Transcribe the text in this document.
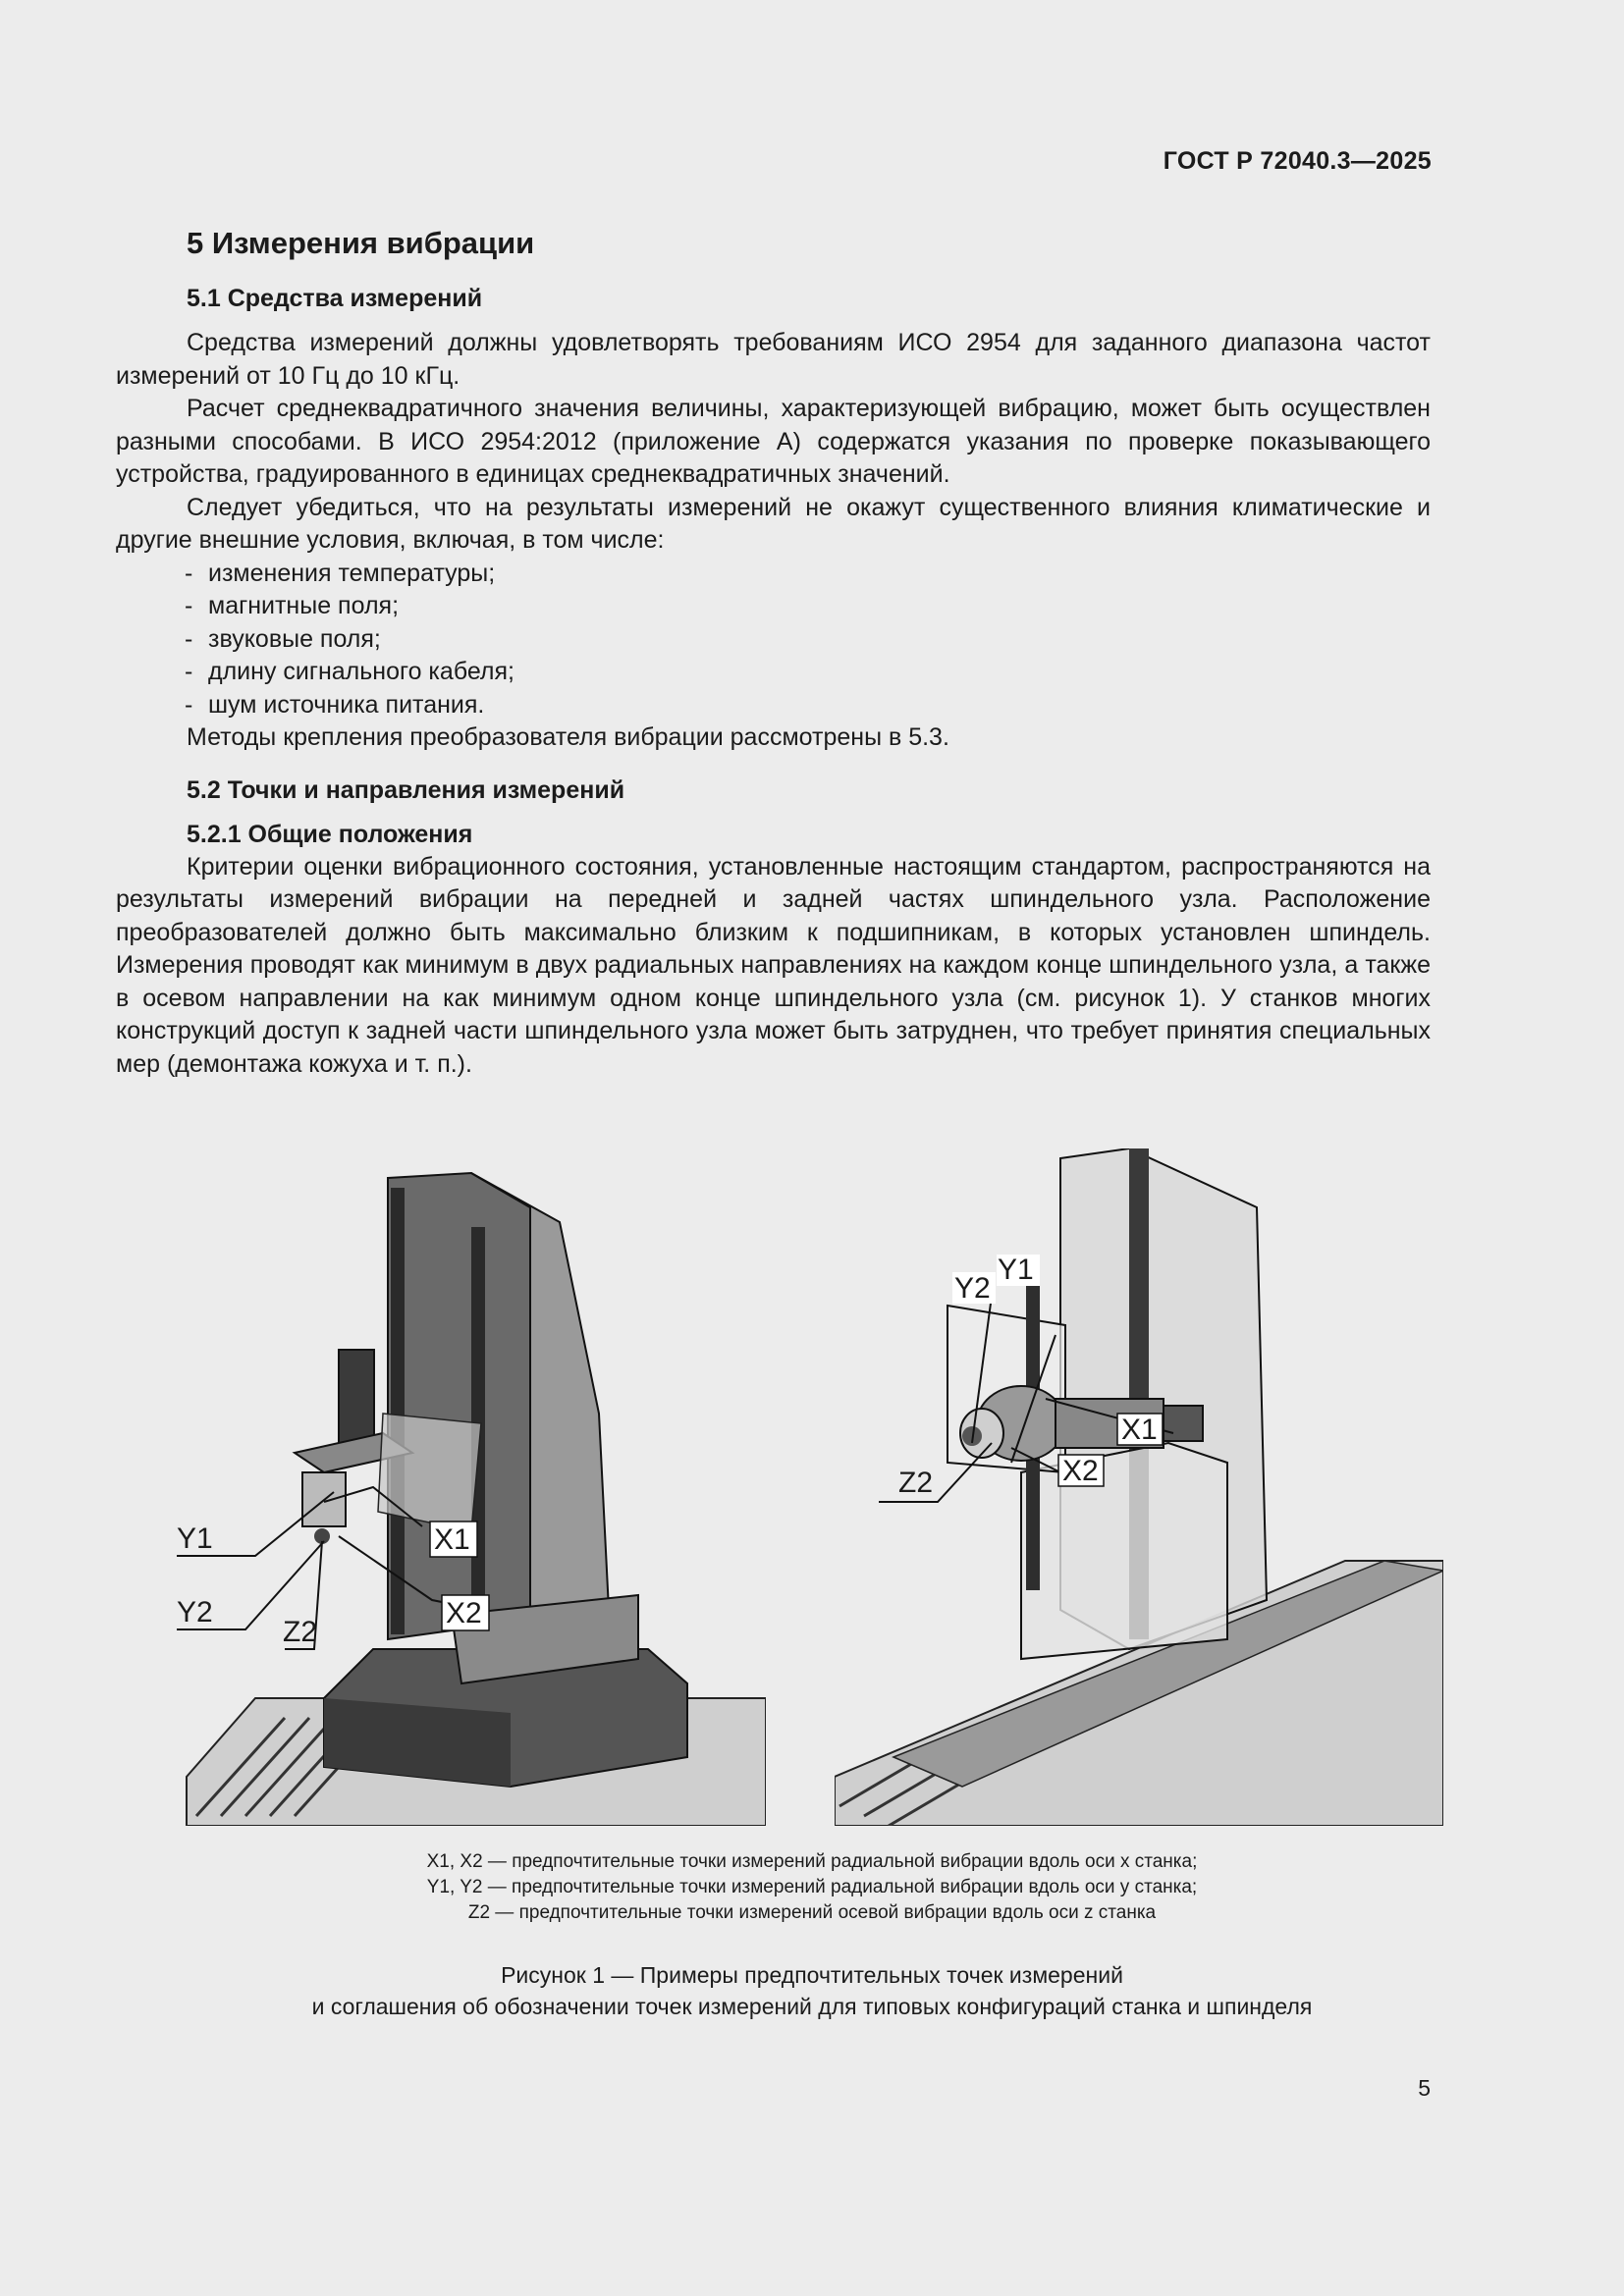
ГОСТ Р 72040.3—2025
5 Измерения вибрации
5.1 Средства измерений

Средства измерений должны удовлетворять требованиям ИСО 2954 для заданного диапазона частот измерений от 10 Гц до 10 кГц.

Расчет среднеквадратичного значения величины, характеризующей вибрацию, может быть осуществлен разными способами. В ИСО 2954:2012 (приложение А) содержатся указания по проверке показывающего устройства, градуированного в единицах среднеквадратичных значений.

Следует убедиться, что на результаты измерений не окажут существенного влияния климатические и другие внешние условия, включая, в том числе:

- изменения температуры;
- магнитные поля;
- звуковые поля;
- длину сигнального кабеля;
- шум источника питания.

Методы крепления преобразователя вибрации рассмотрены в 5.3.

5.2 Точки и направления измерений
5.2.1 Общие положения

Критерии оценки вибрационного состояния, установленные настоящим стандартом, распространяются на результаты измерений вибрации на передней и задней частях шпиндельного узла. Расположение преобразователей должно быть максимально близким к подшипникам, в которых установлен шпиндель. Измерения проводят как минимум в двух радиальных направлениях на каждом конце шпиндельного узла, а также в осевом направлении на как минимум одном конце шпиндельного узла (см. рисунок 1). У станков многих конструкций доступ к задней части шпиндельного узла может быть затруднен, что требует принятия специальных мер (демонтажа кожуха и т. п.).

Y1
Y2
Z2
X1
X2
Z2
Y2
Y1
X1
X2
X1, X2 — предпочтительные точки измерений радиальной вибрации вдоль оси x станка;
Y1, Y2 — предпочтительные точки измерений радиальной вибрации вдоль оси y станка;
Z2 — предпочтительные точки измерений осевой вибрации вдоль оси z станка
Рисунок 1 — Примеры предпочтительных точек измерений
и соглашения об обозначении точек измерений для типовых конфигураций станка и шпинделя
5
